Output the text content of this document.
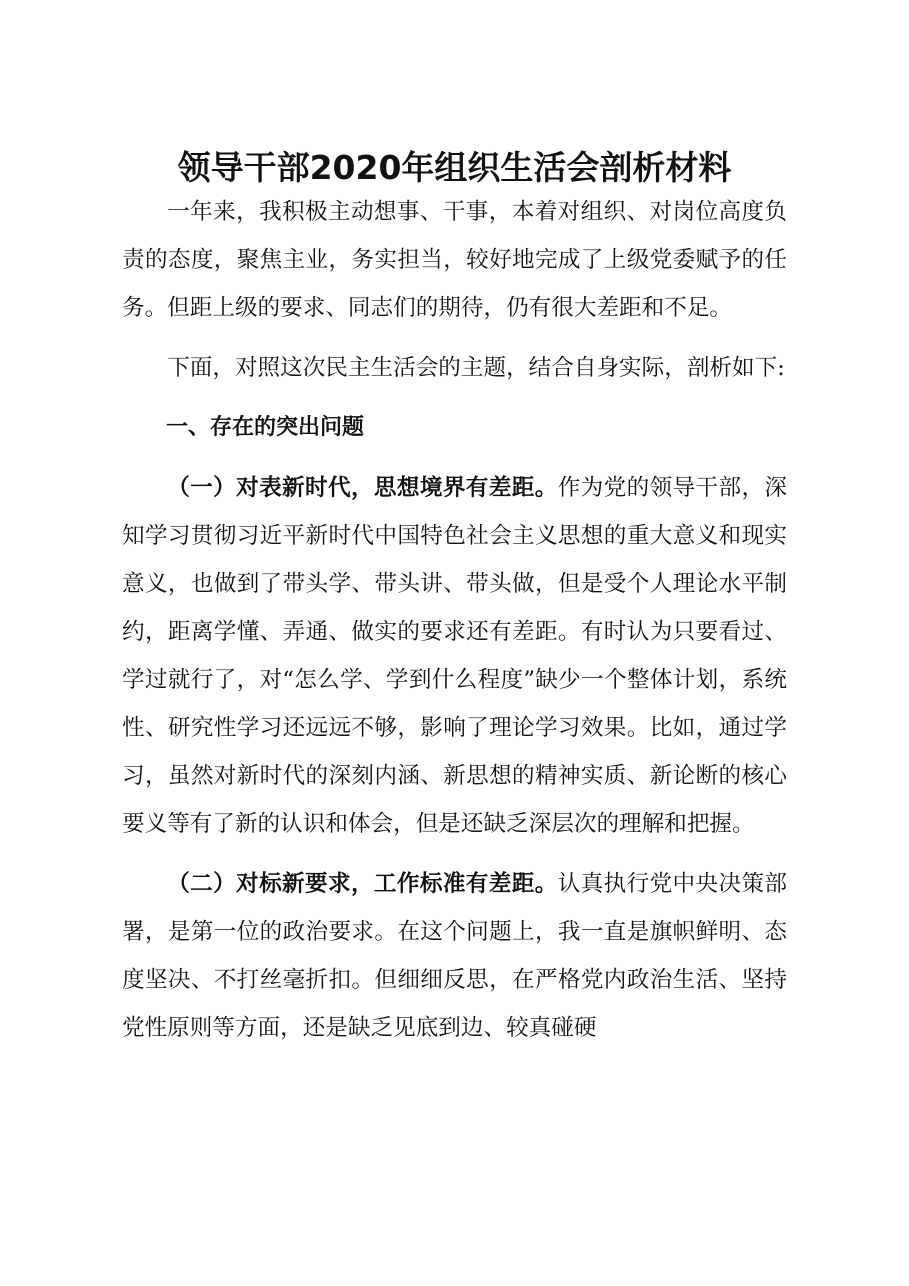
领导干部2020年组织生活会剖析材料

一年来，我积极主动想事、干事，本着对组织、对岗位高度负责的态度，聚焦主业，务实担当，较好地完成了上级党委赋予的任务。但距上级的要求、同志们的期待，仍有很大差距和不足。

下面，对照这次民主生活会的主题，结合自身实际，剖析如下:

一、存在的突出问题

（一）对表新时代，思想境界有差距。作为党的领导干部，深知学习贯彻习近平新时代中国特色社会主义思想的重大意义和现实意义，也做到了带头学、带头讲、带头做，但是受个人理论水平制约，距离学懂、弄通、做实的要求还有差距。有时认为只要看过、学过就行了，对“怎么学、学到什么程度”缺少一个整体计划，系统性、研究性学习还远远不够，影响了理论学习效果。比如，通过学习，虽然对新时代的深刻内涵、新思想的精神实质、新论断的核心要义等有了新的认识和体会，但是还缺乏深层次的理解和把握。

（二）对标新要求，工作标准有差距。认真执行党中央决策部署，是第一位的政治要求。在这个问题上，我一直是旗帜鲜明、态度坚决、不打丝毫折扣。但细细反思，在严格党内政治生活、坚持党性原则等方面，还是缺乏见底到边、较真碰硬
